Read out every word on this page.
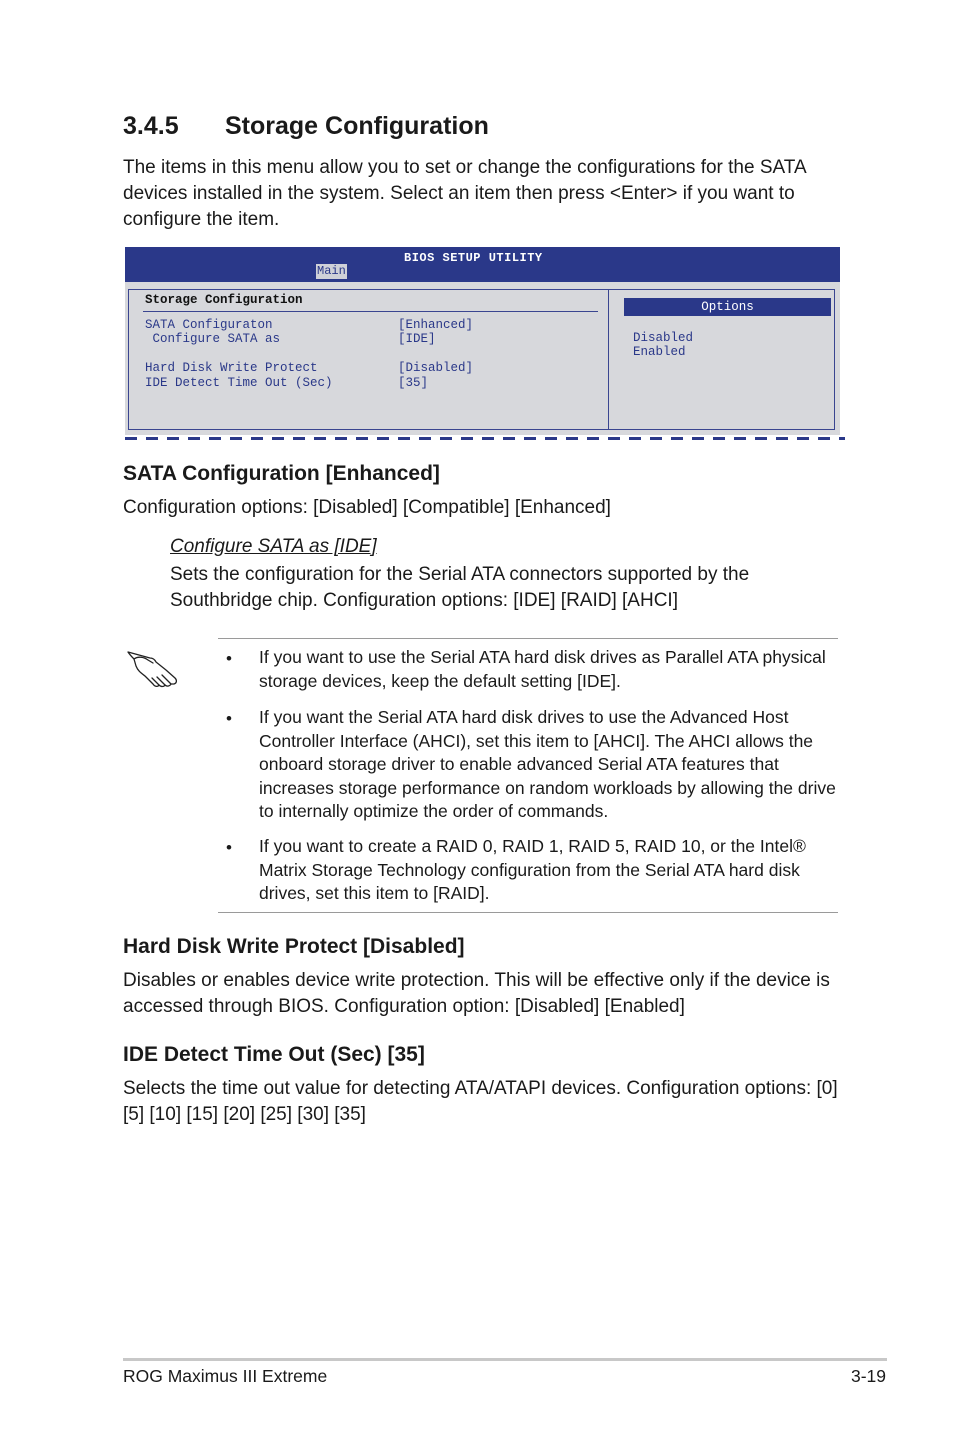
3.4.5 Storage Configuration
The items in this menu allow you to set or change the configurations for the SATA devices installed in the system. Select an item then press <Enter> if you want to configure the item.
BIOS SETUP UTILITY
Main
Storage Configuration
SATA Configuraton	[Enhanced]
Configure SATA as	[IDE]
Hard Disk Write Protect	[Disabled]
IDE Detect Time Out (Sec)	[35]
Options
Disabled
Enabled
SATA Configuration [Enhanced]
Configuration options: [Disabled] [Compatible] [Enhanced]
Configure SATA as [IDE]
Sets the configuration for the Serial ATA connectors supported by the Southbridge chip. Configuration options: [IDE] [RAID] [AHCI]
• If you want to use the Serial ATA hard disk drives as Parallel ATA physical storage devices, keep the default setting [IDE].
• If you want the Serial ATA hard disk drives to use the Advanced Host Controller Interface (AHCI), set this item to [AHCI]. The AHCI allows the onboard storage driver to enable advanced Serial ATA features that increases storage performance on random workloads by allowing the drive to internally optimize the order of commands.
• If you want to create a RAID 0, RAID 1, RAID 5, RAID 10, or the Intel® Matrix Storage Technology configuration from the Serial ATA hard disk drives, set this item to [RAID].
Hard Disk Write Protect [Disabled]
Disables or enables device write protection. This will be effective only if the device is accessed through BIOS. Configuration option: [Disabled] [Enabled]
IDE Detect Time Out (Sec) [35]
Selects the time out value for detecting ATA/ATAPI devices. Configuration options: [0] [5] [10] [15] [20] [25] [30] [35]
ROG Maximus III Extreme	3-19
